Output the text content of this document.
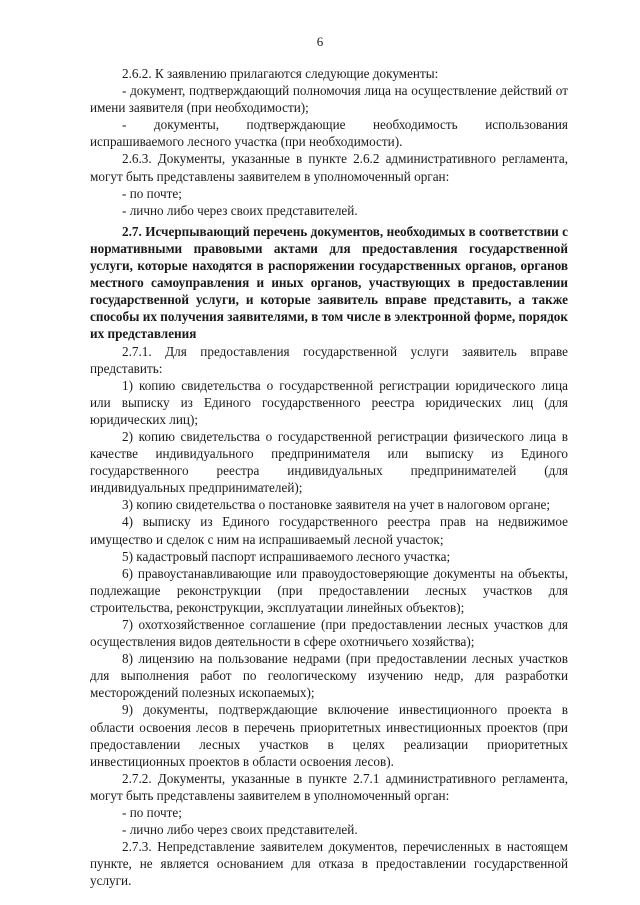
6

2.6.2. К заявлению прилагаются следующие документы:

- документ, подтверждающий полномочия лица на осуществление действий от имени заявителя (при необходимости);

- документы, подтверждающие необходимость использования испрашиваемого лесного участка (при необходимости).

2.6.3. Документы, указанные в пункте 2.6.2 административного регламента, могут быть представлены заявителем в уполномоченный орган:

- по почте;

- лично либо через своих представителей.

2.7. Исчерпывающий перечень документов, необходимых в соответствии с нормативными правовыми актами для предоставления государственной услуги, которые находятся в распоряжении государственных органов, органов местного самоуправления и иных органов, участвующих в предоставлении государственной услуги, и которые заявитель вправе представить, а также способы их получения заявителями, в том числе в электронной форме, порядок их представления

2.7.1. Для предоставления государственной услуги заявитель вправе представить:

1) копию свидетельства о государственной регистрации юридического лица или выписку из Единого государственного реестра юридических лиц (для юридических лиц);

2) копию свидетельства о государственной регистрации физического лица в качестве индивидуального предпринимателя или выписку из Единого государственного реестра индивидуальных предпринимателей (для индивидуальных предпринимателей);

3) копию свидетельства о постановке заявителя на учет в налоговом органе;

4) выписку из Единого государственного реестра прав на недвижимое имущество и сделок с ним на испрашиваемый лесной участок;

5) кадастровый паспорт испрашиваемого лесного участка;

6) правоустанавливающие или правоудостоверяющие документы на объекты, подлежащие реконструкции (при предоставлении лесных участков для строительства, реконструкции, эксплуатации линейных объектов);

7) охотхозяйственное соглашение (при предоставлении лесных участков для осуществления видов деятельности в сфере охотничьего хозяйства);

8) лицензию на пользование недрами (при предоставлении лесных участков для выполнения работ по геологическому изучению недр, для разработки месторождений полезных ископаемых);

9) документы, подтверждающие включение инвестиционного проекта в области освоения лесов в перечень приоритетных инвестиционных проектов (при предоставлении лесных участков в целях реализации приоритетных инвестиционных проектов в области освоения лесов).

2.7.2. Документы, указанные в пункте 2.7.1 административного регламента, могут быть представлены заявителем в уполномоченный орган:

- по почте;

- лично либо через своих представителей.

2.7.3. Непредставление заявителем документов, перечисленных в настоящем пункте, не является основанием для отказа в предоставлении государственной услуги.
